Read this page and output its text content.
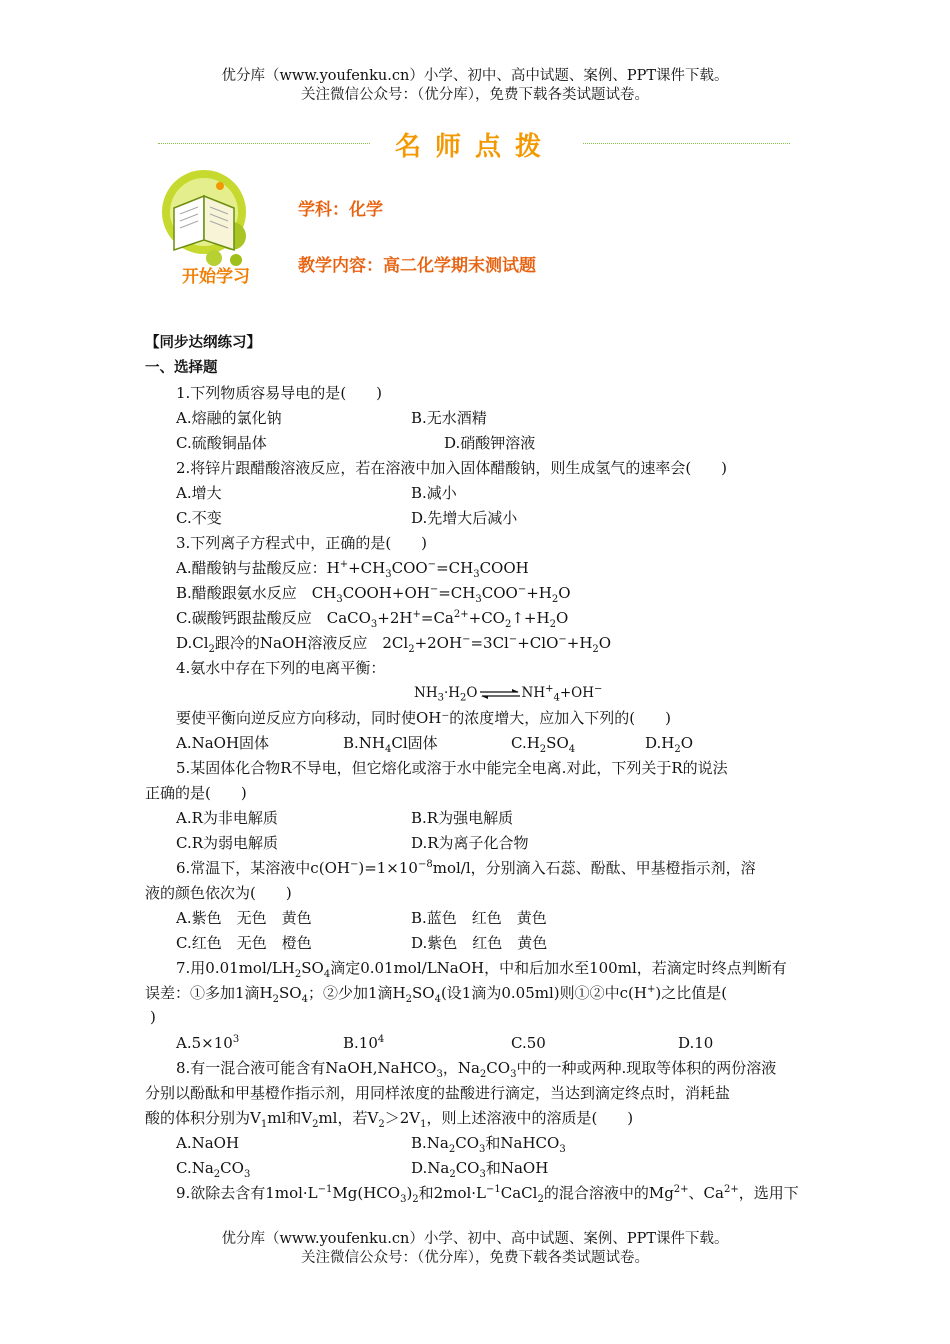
优分库（www.youfenku.cn）小学、初中、高中试题、案例、PPT课件下载。
关注微信公众号：（优分库），免费下载各类试题试卷。
名师点拨
开始学习
学科：化学
教学内容：高二化学期末测试题
【同步达纲练习】
一、选择题
1.下列物质容易导电的是(　　)
A.熔融的氯化钠	B.无水酒精
C.硫酸铜晶体	D.硝酸钾溶液
2.将锌片跟醋酸溶液反应，若在溶液中加入固体醋酸钠，则生成氢气的速率会(　　)
A.增大	B.减小
C.不变	D.先增大后减小
3.下列离子方程式中，正确的是(　　)
A.醋酸钠与盐酸反应：$H^++CH_3COO^-=CH_3COOH$
B.醋酸跟氨水反应　$CH_3COOH+OH^-=CH_3COO^-+H_2O$
C.碳酸钙跟盐酸反应　$CaCO_3+2H^+=Ca^{2+}+CO_2↑+H_2O$
$D.Cl_2$跟冷的NaOH溶液反应　$2Cl_2+2OH^-=3Cl^-+ClO^-+H_2O$
4.氨水中存在下列的电离平衡：
$NH_3\cdot H_2O\rightleftharpoons NH^+_4+OH^-$
要使平衡向逆反应方向移动，同时使OH⁻的浓度增大，应加入下列的(　　)
A.NaOH固体	$B.NH_4Cl$固体	$C.H_2SO_4$	$D.H_2O$
5.某固体化合物R不导电，但它熔化或溶于水中能完全电离.对此，下列关于R的说法
正确的是(　　)
A.R为非电解质	B.R为强电解质
C.R为弱电解质	D.R为离子化合物
6.常温下，某溶液中$c(OH^-)=1\times 10^{-8}mol/l$，分别滴入石蕊、酚酞、甲基橙指示剂，溶
液的颜色依次为(　　)
A.紫色　无色　黄色	B.蓝色　红色　黄色
C.红色　无色　橙色	D.紫色　红色　黄色
7.用$0.01mol/LH_2SO_4$滴定0.01mol/LNaOH，中和后加水至100ml，若滴定时终点判断有
误差：①多加1滴$H_2SO_4$；②少加1滴$H_2SO_4$(设1滴为0.05ml)则①②中c(H+)之比值是(
)
$A.5\times 10^3$	$B.10^4$	C.50	D.10
8.有一混合液可能含有NaOH,NaHCO$_3$，$Na_2CO_3$中的一种或两种.现取等体积的两份溶液
分别以酚酞和甲基橙作指示剂，用同样浓度的盐酸进行滴定，当达到滴定终点时，消耗盐
酸的体积分别为$V_1ml$和$V_2ml$，若$V_2>2V_1$，则上述溶液中的溶质是(　　)
A.NaOH	$B.Na_2CO_3$和NaHCO$_3$
$C.Na_2CO_3$	$D.Na_2CO_3$和NaOH
9.欲除去含有$1mol\cdot L^{-1}Mg(HCO_3)_2$和$2mol\cdot L^{-1}CaCl_2$的混合溶液中的$Mg^{2+}$、$Ca^{2+}$，选用下
优分库（www.youfenku.cn）小学、初中、高中试题、案例、PPT课件下载。
关注微信公众号：（优分库），免费下载各类试题试卷。
